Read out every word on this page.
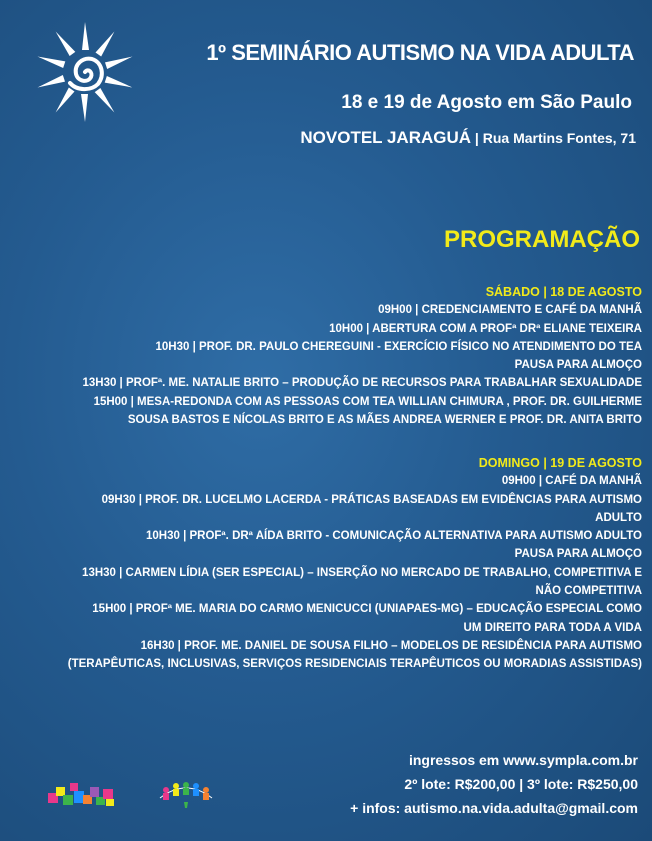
1º SEMINÁRIO AUTISMO NA VIDA ADULTA
18 e 19 de Agosto em São Paulo
NOVOTEL JARAGUÁ | Rua Martins Fontes, 71
PROGRAMAÇÃO
SÁBADO | 18 DE AGOSTO
09H00 | CREDENCIAMENTO E CAFÉ DA MANHÃ
10H00 | ABERTURA COM A PROFª DRª ELIANE TEIXEIRA
10H30 | PROF. DR. PAULO CHEREGUINI - EXERCÍCIO FÍSICO NO ATENDIMENTO DO TEA
PAUSA PARA ALMOÇO
13H30 | PROFª. ME. NATALIE BRITO – PRODUÇÃO DE RECURSOS PARA TRABALHAR SEXUALIDADE
15H00 | MESA-REDONDA COM AS PESSOAS COM TEA WILLIAN CHIMURA , PROF. DR. GUILHERME
SOUSA BASTOS E NÍCOLAS BRITO E AS MÃES ANDREA WERNER E PROF. DR. ANITA BRITO
DOMINGO | 19 DE AGOSTO
09H00 | CAFÉ DA MANHÃ
09H30 | PROF. DR. LUCELMO LACERDA - PRÁTICAS BASEADAS EM EVIDÊNCIAS PARA AUTISMO
ADULTO
10H30 | PROFª. DRª AÍDA BRITO - COMUNICAÇÃO ALTERNATIVA PARA AUTISMO ADULTO
PAUSA PARA ALMOÇO
13H30 | CARMEN LÍDIA (SER ESPECIAL) – INSERÇÃO NO MERCADO DE TRABALHO, COMPETITIVA E
NÃO COMPETITIVA
15H00 | PROFª ME. MARIA DO CARMO MENICUCCI (UNIAPAES-MG) – EDUCAÇÃO ESPECIAL COMO
UM DIREITO PARA TODA A VIDA
16H30 | PROF. ME. DANIEL DE SOUSA FILHO – MODELOS DE RESIDÊNCIA PARA AUTISMO
(TERAPÊUTICAS, INCLUSIVAS, SERVIÇOS RESIDENCIAIS TERAPÊUTICOS OU MORADIAS ASSISTIDAS)
ingressos em www.sympla.com.br
2º lote: R$200,00 | 3º lote: R$250,00
+ infos: autismo.na.vida.adulta@gmail.com
